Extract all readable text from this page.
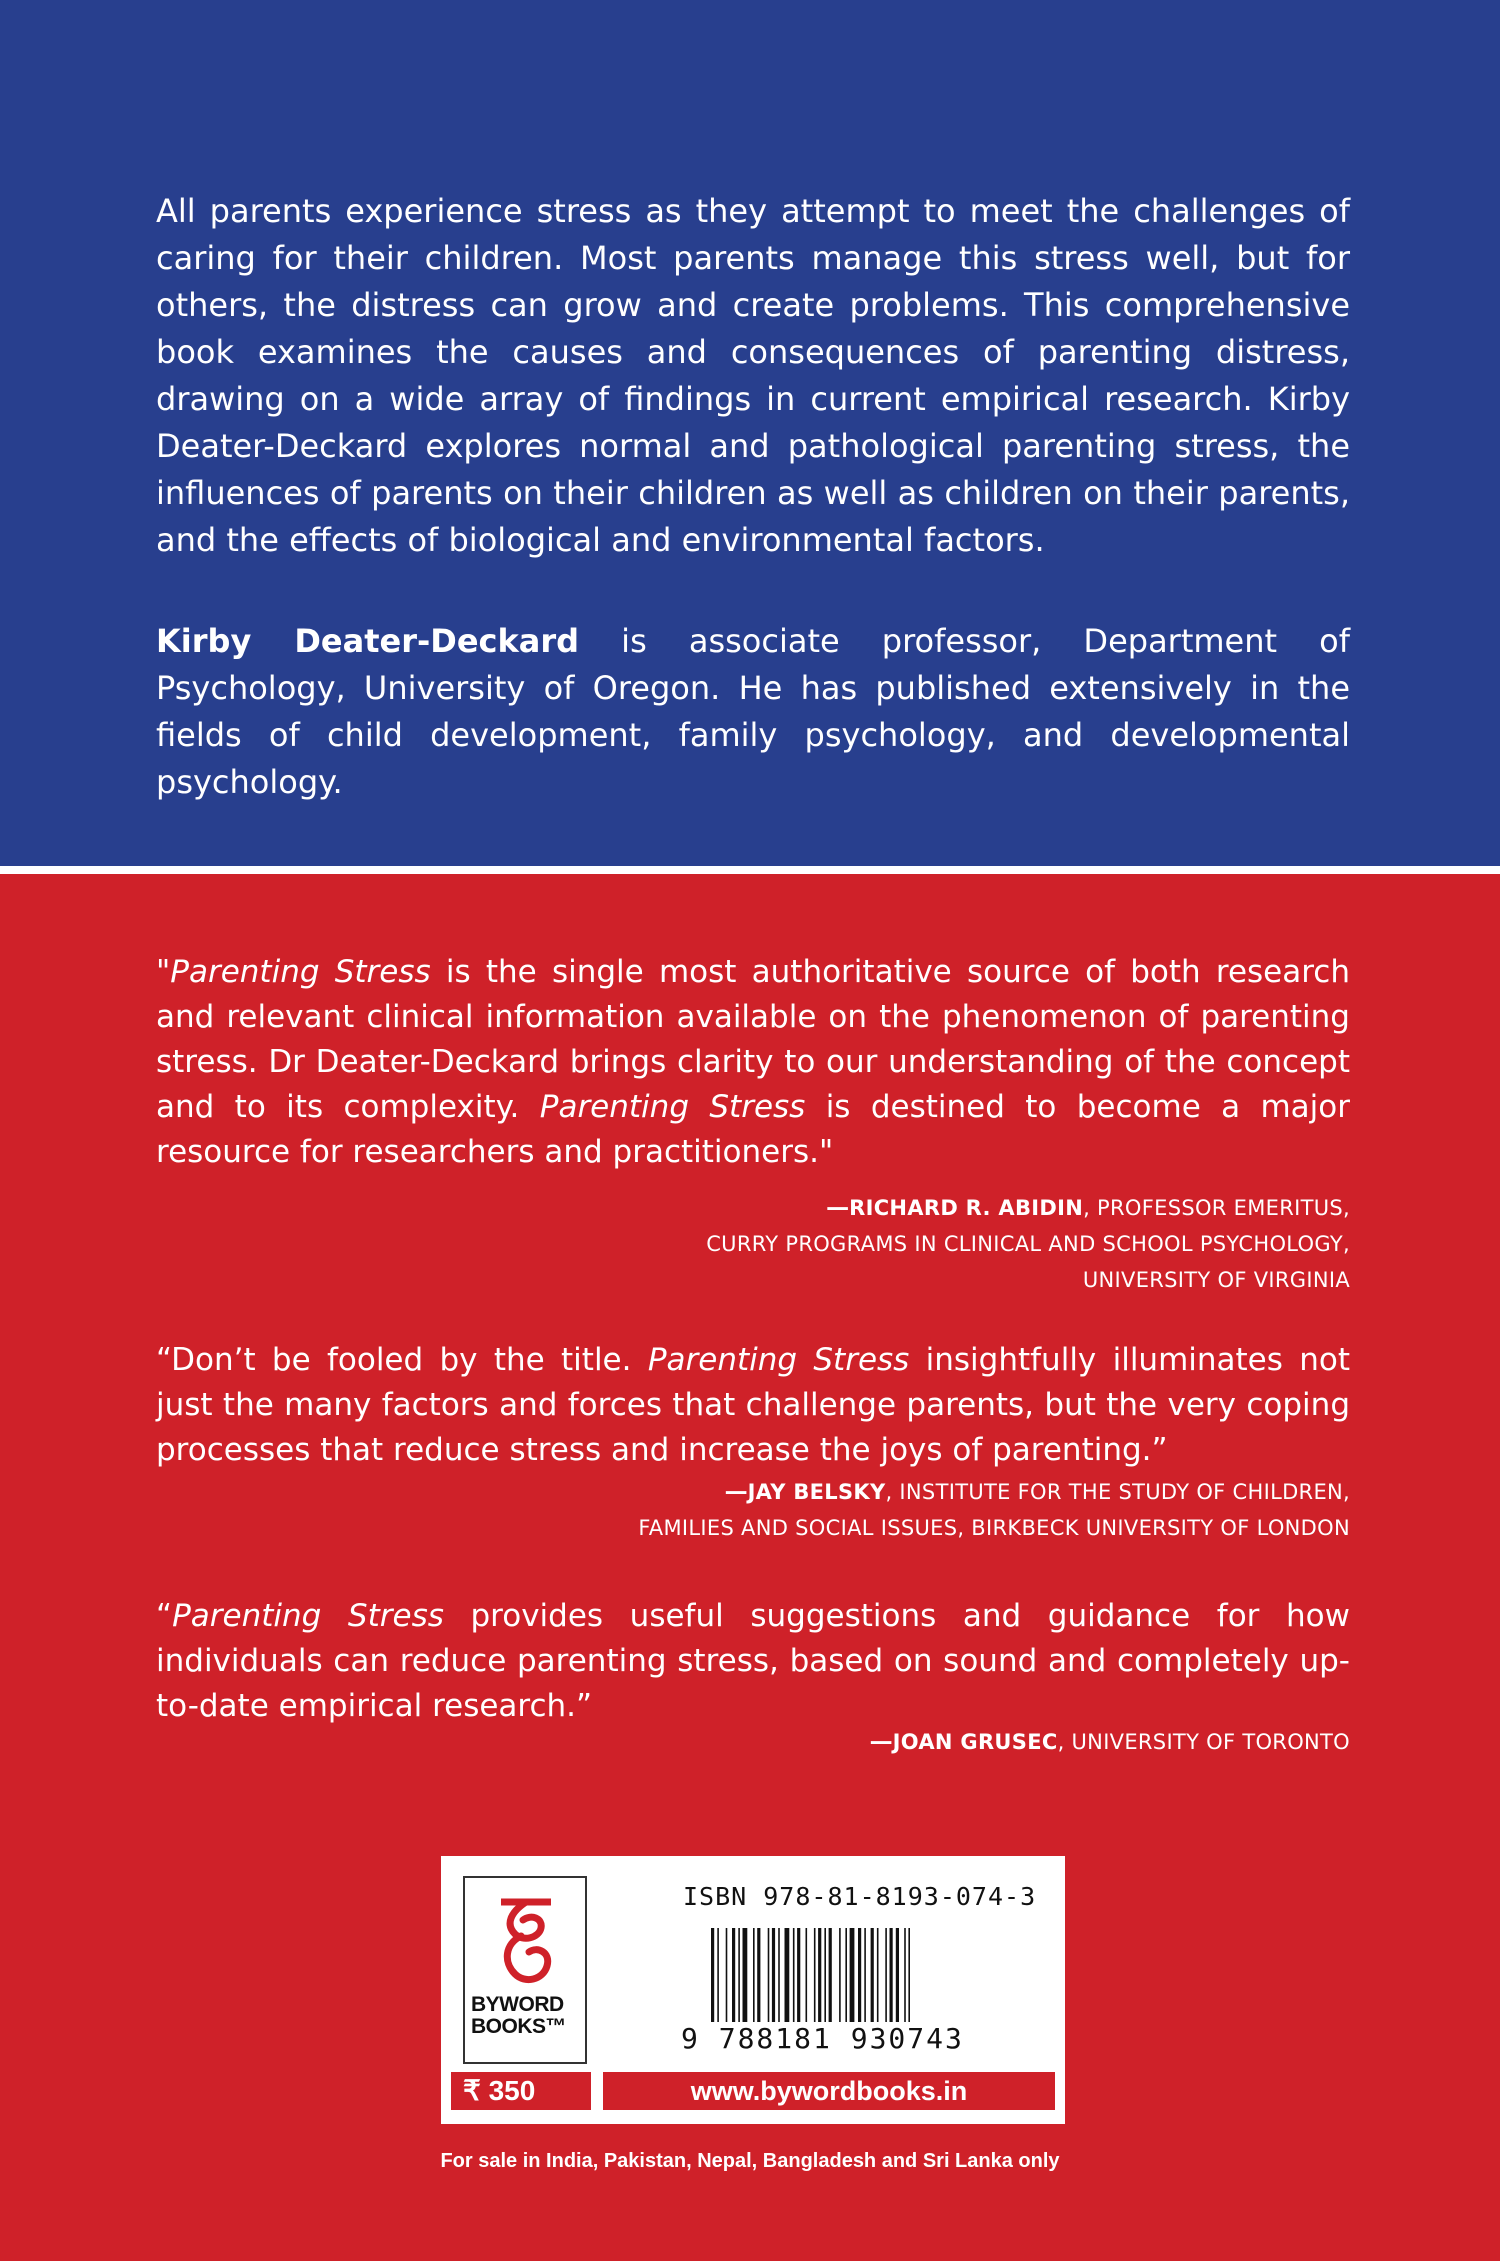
All parents experience stress as they attempt to meet the challenges of caring for their children. Most parents manage this stress well, but for others, the distress can grow and create problems. This comprehensive book examines the causes and consequences of parenting distress, drawing on a wide array of findings in current empirical research. Kirby Deater-Deckard explores normal and pathological parenting stress, the influences of parents on their children as well as children on their parents, and the effects of biological and environmental factors.

Kirby Deater-Deckard is associate professor, Department of Psychology, University of Oregon. He has published extensively in the fields of child development, family psychology, and developmental psychology.

"Parenting Stress is the single most authoritative source of both research and relevant clinical information available on the phenomenon of parenting stress. Dr Deater-Deckard brings clarity to our understanding of the concept and to its complexity. Parenting Stress is destined to become a major resource for researchers and practitioners."

—RICHARD R. ABIDIN, PROFESSOR EMERITUS,
CURRY PROGRAMS IN CLINICAL AND SCHOOL PSYCHOLOGY,
UNIVERSITY OF VIRGINIA

“Don’t be fooled by the title. Parenting Stress insightfully illuminates not just the many factors and forces that challenge parents, but the very coping processes that reduce stress and increase the joys of parenting.”

—JAY BELSKY, INSTITUTE FOR THE STUDY OF CHILDREN,
FAMILIES AND SOCIAL ISSUES, BIRKBECK UNIVERSITY OF LONDON

“Parenting Stress provides useful suggestions and guidance for how individuals can reduce parenting stress, based on sound and completely up-to-date empirical research.”

—JOAN GRUSEC, UNIVERSITY OF TORONTO
BYWORD
BOOKS™
ISBN 978-81-8193-074-3
9 788181 930743
₹ 350	www.bywordbooks.in
For sale in India, Pakistan, Nepal, Bangladesh and Sri Lanka only
